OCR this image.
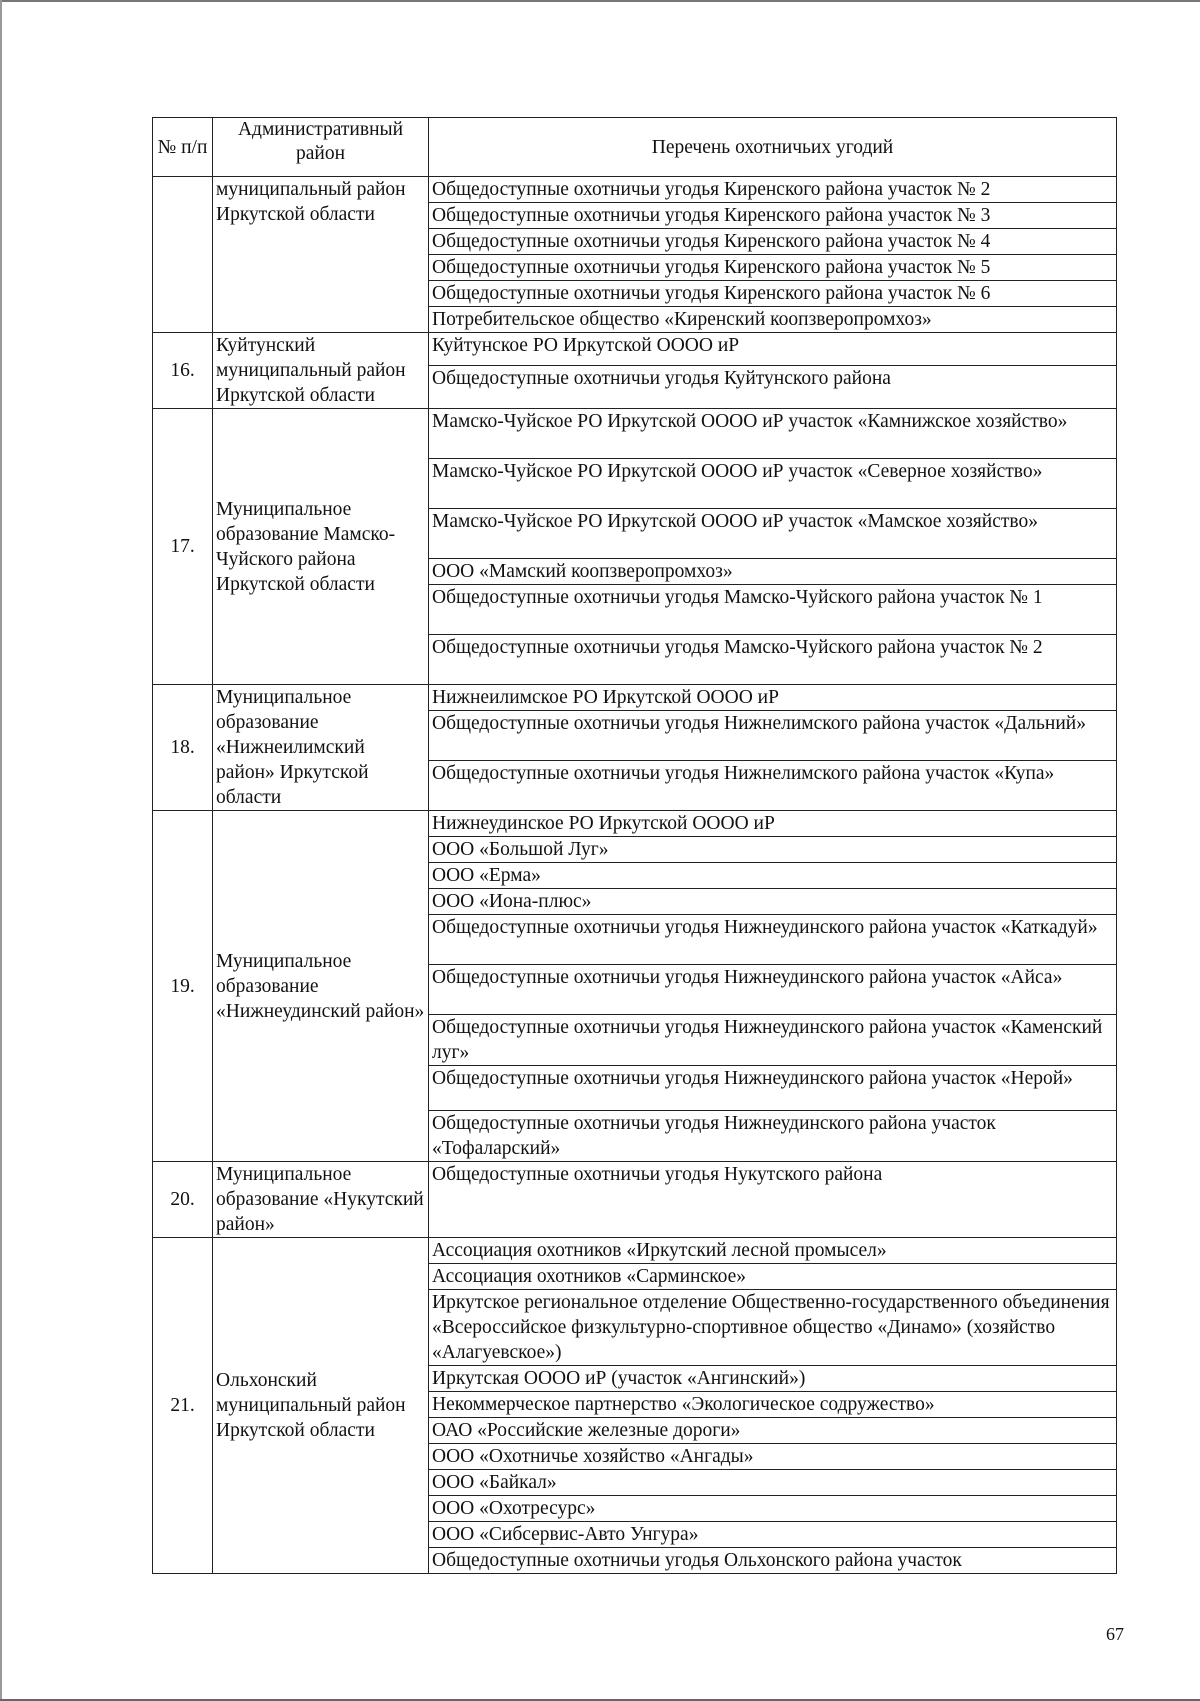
№ п/п	Административный район	Перечень охотничьих угодий
	муниципальный район Иркутской области	Общедоступные охотничьи угодья Киренского района участок № 2
		Общедоступные охотничьи угодья Киренского района участок № 3
		Общедоступные охотничьи угодья Киренского района участок № 4
		Общедоступные охотничьи угодья Киренского района участок № 5
		Общедоступные охотничьи угодья Киренского района участок № 6
		Потребительское общество «Киренский коопзверопромхоз»
16.	Куйтунский муниципальный район Иркутской области	Куйтунское РО Иркутской ОООО иР
		Общедоступные охотничьи угодья Куйтунского района
17.	Муниципальное образование Мамско-Чуйского района Иркутской области	Мамско-Чуйское РО Иркутской ОООО иР участок «Камнижское хозяйство»
		Мамско-Чуйское РО Иркутской ОООО иР участок «Северное хозяйство»
		Мамско-Чуйское РО Иркутской ОООО иР участок «Мамское хозяйство»
		ООО «Мамский коопзверопромхоз»
		Общедоступные охотничьи угодья Мамско-Чуйского района участок № 1
		Общедоступные охотничьи угодья Мамско-Чуйского района участок № 2
18.	Муниципальное образование «Нижнеилимский район» Иркутской области	Нижнеилимское РО Иркутской ОООО иР
		Общедоступные охотничьи угодья Нижнелимского района участок «Дальний»
		Общедоступные охотничьи угодья Нижнелимского района участок «Купа»
19.	Муниципальное образование «Нижнеудинский район»	Нижнеудинское РО Иркутской ОООО иР
		ООО «Большой Луг»
		ООО «Ерма»
		ООО «Иона-плюс»
		Общедоступные охотничьи угодья Нижнеудинского района участок «Каткадуй»
		Общедоступные охотничьи угодья Нижнеудинского района участок «Айса»
		Общедоступные охотничьи угодья Нижнеудинского района участок «Каменский луг»
		Общедоступные охотничьи угодья Нижнеудинского района участок «Нерой»
		Общедоступные охотничьи угодья Нижнеудинского района участок «Тофаларский»
20.	Муниципальное образование «Нукутский район»	Общедоступные охотничьи угодья Нукутского района
21.	Ольхонский муниципальный район Иркутской области	Ассоциация охотников «Иркутский лесной промысел»
		Ассоциация охотников «Сарминское»
		Иркутское региональное отделение Общественно-государственного объединения «Всероссийское физкультурно-спортивное общество «Динамо» (хозяйство «Алагуевское»)
		Иркутская ОООО иР (участок «Ангинский»)
		Некоммерческое партнерство «Экологическое содружество»
		ОАО «Российские железные дороги»
		ООО «Охотничье хозяйство «Ангады»
		ООО «Байкал»
		ООО «Охотресурс»
		ООО «Сибсервис-Авто Унгура»
		Общедоступные охотничьи угодья Ольхонского района участок
67
